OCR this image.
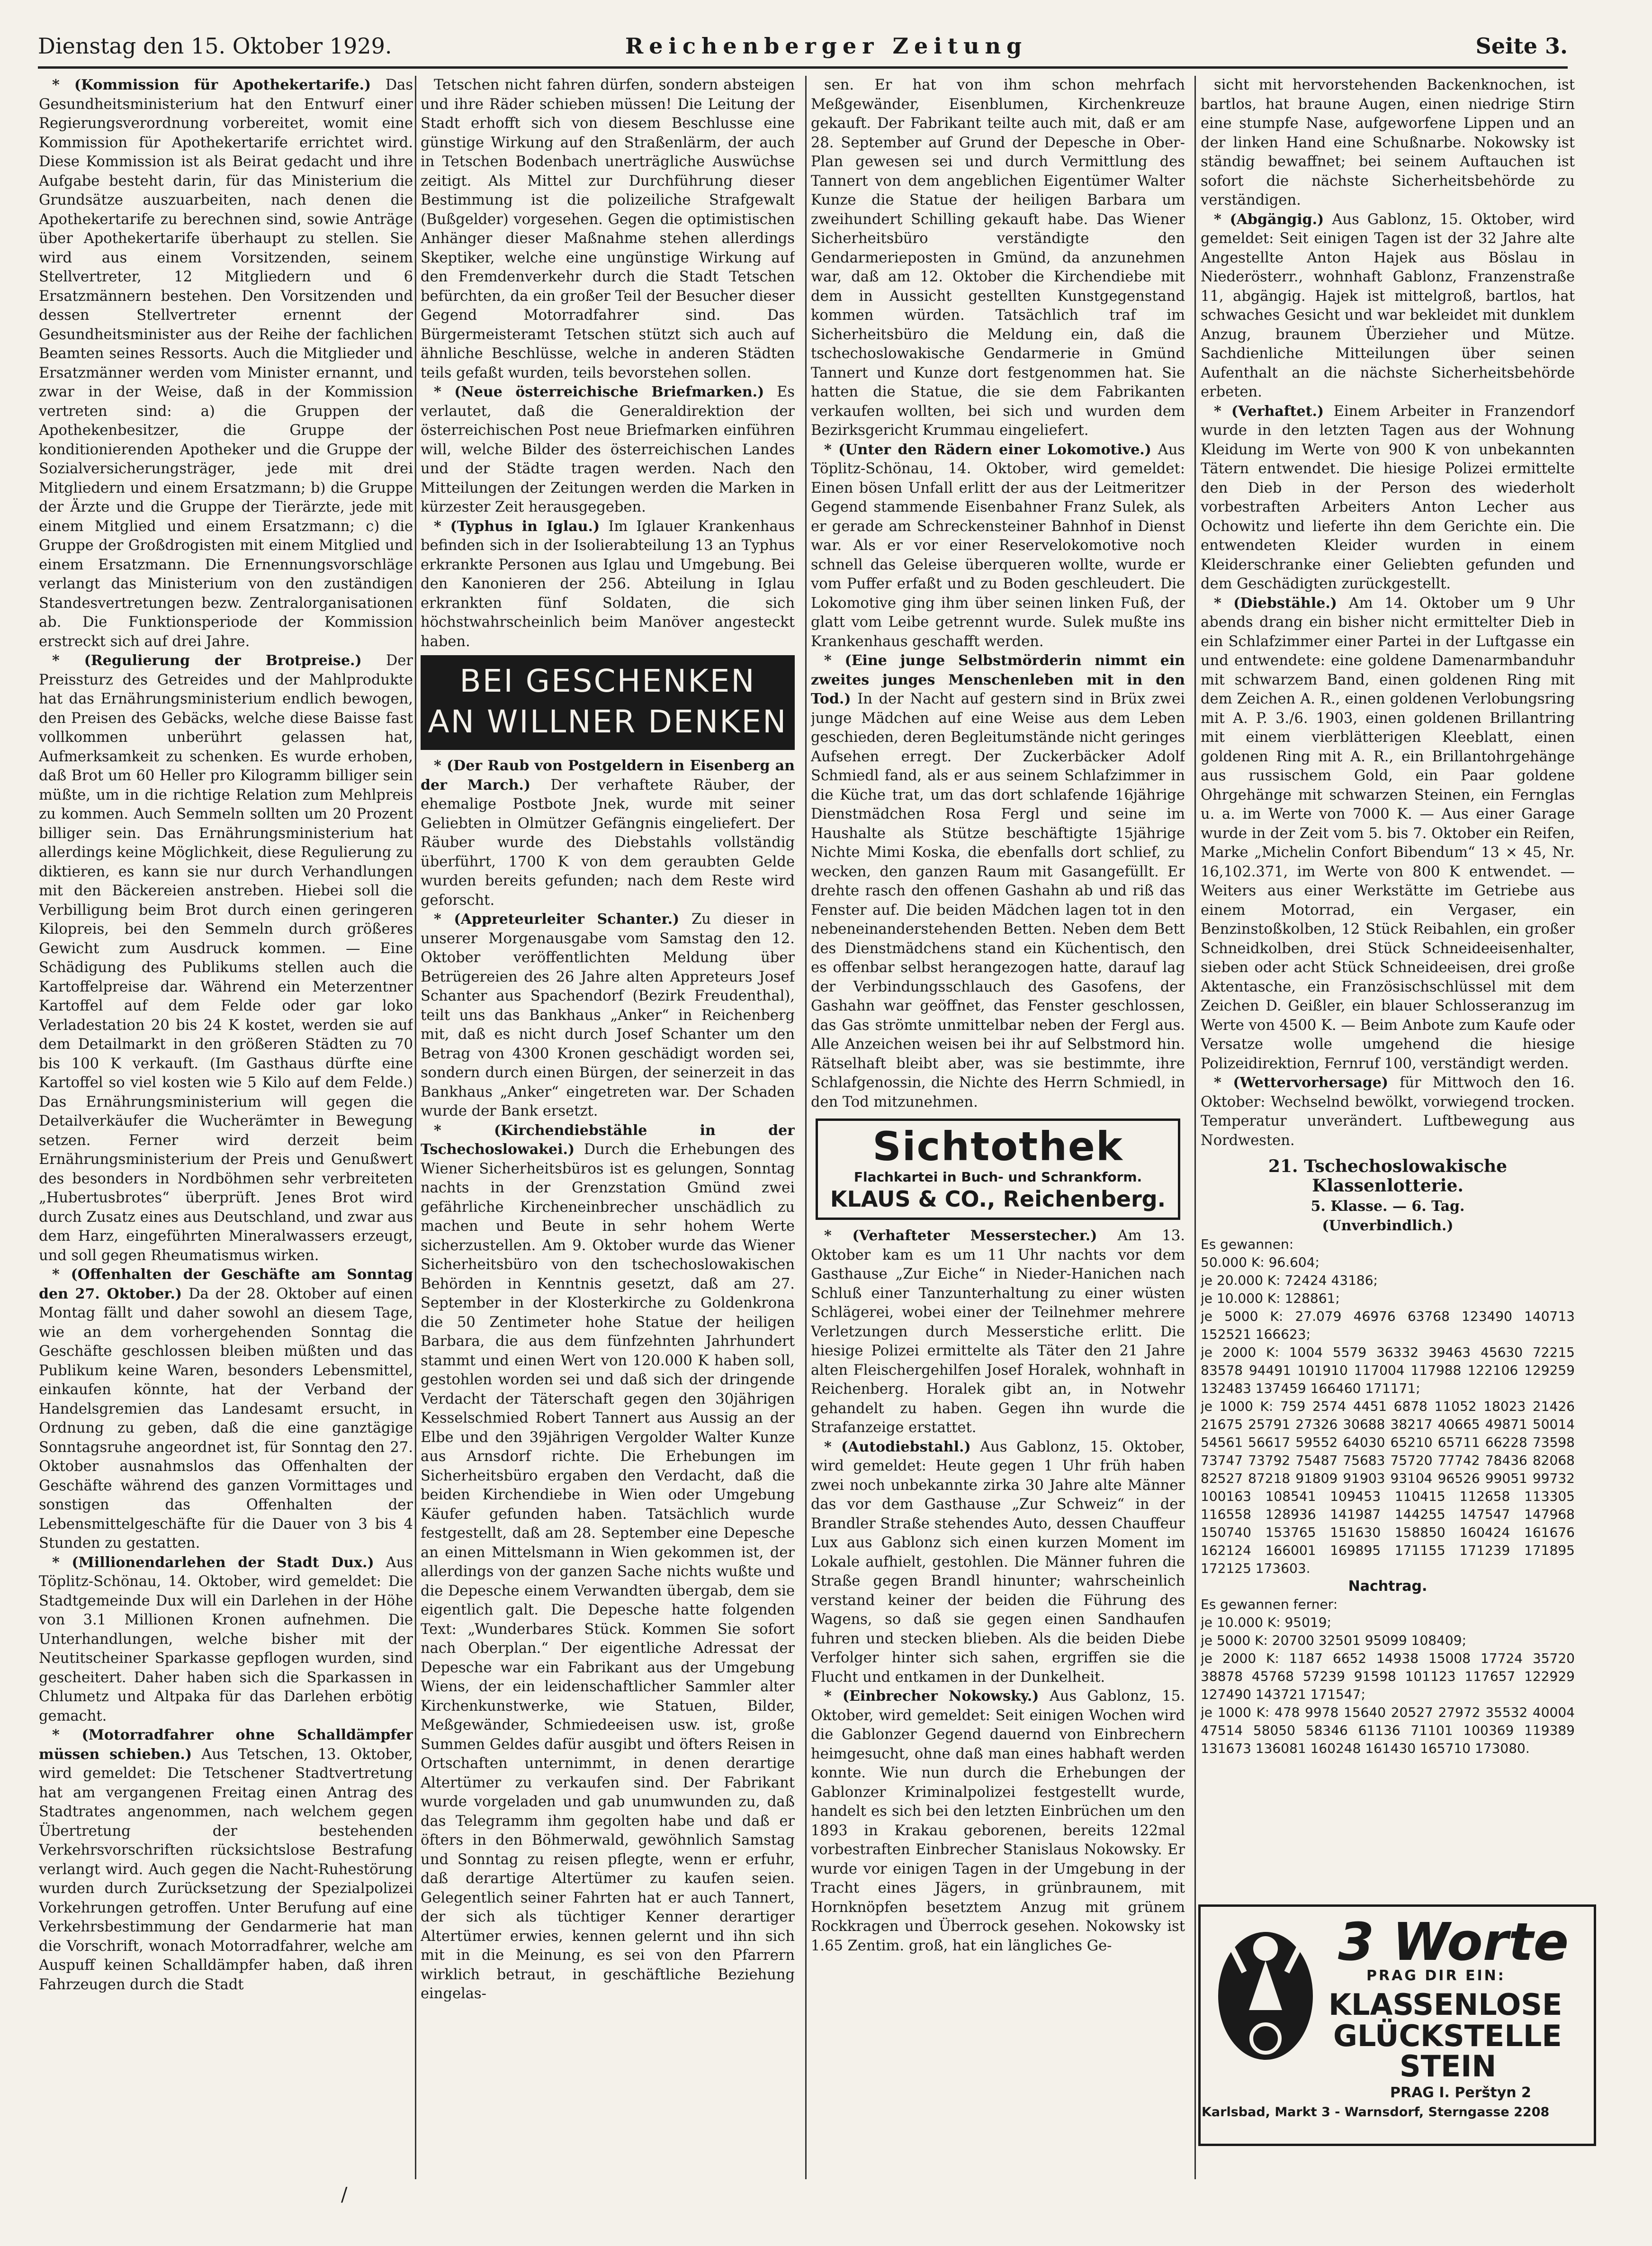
Dienstag den 15. Oktober 1929.	Reichenberger Zeitung	Seite 3.

* (Kommission für Apothekertarife.) Das Gesundheitsministerium hat den Entwurf einer Regierungsverordnung vorbereitet, womit eine Kommission für Apothekertarife errichtet wird. Diese Kommission ist als Beirat gedacht und ihre Aufgabe besteht darin, für das Ministerium die Grundsätze auszuarbeiten, nach denen die Apothekertarife zu berechnen sind, sowie Anträge über Apothekertarife überhaupt zu stellen. Sie wird aus einem Vorsitzenden, seinem Stellvertreter, 12 Mitgliedern und 6 Ersatzmännern bestehen. Den Vorsitzenden und dessen Stellvertreter ernennt der Gesundheitsminister aus der Reihe der fachlichen Beamten seines Ressorts. Auch die Mitglieder und Ersatzmänner werden vom Minister ernannt, und zwar in der Weise, daß in der Kommission vertreten sind: a) die Gruppen der Apothekenbesitzer, die Gruppe der konditionierenden Apotheker und die Gruppe der Sozialversicherungsträger, jede mit drei Mitgliedern und einem Ersatzmann; b) die Gruppe der Ärzte und die Gruppe der Tierärzte, jede mit einem Mitglied und einem Ersatzmann; c) die Gruppe der Großdrogisten mit einem Mitglied und einem Ersatzmann. Die Ernennungsvorschläge verlangt das Ministerium von den zuständigen Standesvertretungen bezw. Zentralorganisationen ab. Die Funktionsperiode der Kommission erstreckt sich auf drei Jahre.

* (Regulierung der Brotpreise.) Der Preissturz des Getreides und der Mahlprodukte hat das Ernährungsministerium endlich bewogen, den Preisen des Gebäcks, welche diese Baisse fast vollkommen unberührt gelassen hat, Aufmerksamkeit zu schenken. Es wurde erhoben, daß Brot um 60 Heller pro Kilogramm billiger sein müßte, um in die richtige Relation zum Mehlpreis zu kommen. Auch Semmeln sollten um 20 Prozent billiger sein. Das Ernährungsministerium hat allerdings keine Möglichkeit, diese Regulierung zu diktieren, es kann sie nur durch Verhandlungen mit den Bäckereien anstreben. Hiebei soll die Verbilligung beim Brot durch einen geringeren Kilopreis, bei den Semmeln durch größeres Gewicht zum Ausdruck kommen. — Eine Schädigung des Publikums stellen auch die Kartoffelpreise dar. Während ein Meterzentner Kartoffel auf dem Felde oder gar loko Verladestation 20 bis 24 K kostet, werden sie auf dem Detailmarkt in den größeren Städten zu 70 bis 100 K verkauft. (Im Gasthaus dürfte eine Kartoffel so viel kosten wie 5 Kilo auf dem Felde.) Das Ernährungsministerium will gegen die Detailverkäufer die Wucherämter in Bewegung setzen. Ferner wird derzeit beim Ernährungsministerium der Preis und Genußwert des besonders in Nordböhmen sehr verbreiteten „Hubertusbrotes“ überprüft. Jenes Brot wird durch Zusatz eines aus Deutschland, und zwar aus dem Harz, eingeführten Mineralwassers erzeugt, und soll gegen Rheumatismus wirken.

* (Offenhalten der Geschäfte am Sonntag den 27. Oktober.) Da der 28. Oktober auf einen Montag fällt und daher sowohl an diesem Tage, wie an dem vorhergehenden Sonntag die Geschäfte geschlossen bleiben müßten und das Publikum keine Waren, besonders Lebensmittel, einkaufen könnte, hat der Verband der Handelsgremien das Landesamt ersucht, in Ordnung zu geben, daß die eine ganztägige Sonntagsruhe angeordnet ist, für Sonntag den 27. Oktober ausnahmslos das Offenhalten der Geschäfte während des ganzen Vormittages und sonstigen das Offenhalten der Lebensmittelgeschäfte für die Dauer von 3 bis 4 Stunden zu gestatten.

* (Millionendarlehen der Stadt Dux.) Aus Töplitz-Schönau, 14. Oktober, wird gemeldet: Die Stadtgemeinde Dux will ein Darlehen in der Höhe von 3.1 Millionen Kronen aufnehmen. Die Unterhandlungen, welche bisher mit der Neutitscheiner Sparkasse gepflogen wurden, sind gescheitert. Daher haben sich die Sparkassen in Chlumetz und Altpaka für das Darlehen erbötig gemacht.

* (Motorradfahrer ohne Schalldämpfer müssen schieben.) Aus Tetschen, 13. Oktober, wird gemeldet: Die Tetschener Stadtvertretung hat am vergangenen Freitag einen Antrag des Stadtrates angenommen, nach welchem gegen Übertretung der bestehenden Verkehrsvorschriften rücksichtslose Bestrafung verlangt wird. Auch gegen die Nacht-Ruhestörung wurden durch Zurücksetzung der Spezialpolizei Vorkehrungen getroffen. Unter Berufung auf eine Verkehrsbestimmung der Gendarmerie hat man die Vorschrift, wonach Motorradfahrer, welche am Auspuff keinen Schalldämpfer haben, daß ihren Fahrzeugen durch die Stadt

Tetschen nicht fahren dürfen, sondern absteigen und ihre Räder schieben müssen! Die Leitung der Stadt erhofft sich von diesem Beschlusse eine günstige Wirkung auf den Straßenlärm, der auch in Tetschen Bodenbach unerträgliche Auswüchse zeitigt. Als Mittel zur Durchführung dieser Bestimmung ist die polizeiliche Strafgewalt (Bußgelder) vorgesehen. Gegen die optimistischen Anhänger dieser Maßnahme stehen allerdings Skeptiker, welche eine ungünstige Wirkung auf den Fremdenverkehr durch die Stadt Tetschen befürchten, da ein großer Teil der Besucher dieser Gegend Motorradfahrer sind. Das Bürgermeisteramt Tetschen stützt sich auch auf ähnliche Beschlüsse, welche in anderen Städten teils gefaßt wurden, teils bevorstehen sollen.

* (Neue österreichische Briefmarken.) Es verlautet, daß die Generaldirektion der österreichischen Post neue Briefmarken einführen will, welche Bilder des österreichischen Landes und der Städte tragen werden. Nach den Mitteilungen der Zeitungen werden die Marken in kürzester Zeit herausgegeben.

* (Typhus in Iglau.) Im Iglauer Krankenhaus befinden sich in der Isolierabteilung 13 an Typhus erkrankte Personen aus Iglau und Umgebung. Bei den Kanonieren der 256. Abteilung in Iglau erkrankten fünf Soldaten, die sich höchstwahrscheinlich beim Manöver angesteckt haben.

BEI GESCHENKEN
AN WILLNER DENKEN

* (Der Raub von Postgeldern in Eisenberg an der March.) Der verhaftete Räuber, der ehemalige Postbote Jnek, wurde mit seiner Geliebten in Olmützer Gefängnis eingeliefert. Der Räuber wurde des Diebstahls vollständig überführt, 1700 K von dem geraubten Gelde wurden bereits gefunden; nach dem Reste wird geforscht.

* (Appreteurleiter Schanter.) Zu dieser in unserer Morgenausgabe vom Samstag den 12. Oktober veröffentlichten Meldung über Betrügereien des 26 Jahre alten Appreteurs Josef Schanter aus Spachendorf (Bezirk Freudenthal), teilt uns das Bankhaus „Anker“ in Reichenberg mit, daß es nicht durch Josef Schanter um den Betrag von 4300 Kronen geschädigt worden sei, sondern durch einen Bürgen, der seinerzeit in das Bankhaus „Anker“ eingetreten war. Der Schaden wurde der Bank ersetzt.

* (Kirchendiebstähle in der Tschechoslowakei.) Durch die Erhebungen des Wiener Sicherheitsbüros ist es gelungen, Sonntag nachts in der Grenzstation Gmünd zwei gefährliche Kircheneinbrecher unschädlich zu machen und Beute in sehr hohem Werte sicherzustellen. Am 9. Oktober wurde das Wiener Sicherheitsbüro von den tschechoslowakischen Behörden in Kenntnis gesetzt, daß am 27. September in der Klosterkirche zu Goldenkrona die 50 Zentimeter hohe Statue der heiligen Barbara, die aus dem fünfzehnten Jahrhundert stammt und einen Wert von 120.000 K haben soll, gestohlen worden sei und daß sich der dringende Verdacht der Täterschaft gegen den 30jährigen Kesselschmied Robert Tannert aus Aussig an der Elbe und den 39jährigen Vergolder Walter Kunze aus Arnsdorf richte. Die Erhebungen im Sicherheitsbüro ergaben den Verdacht, daß die beiden Kirchendiebe in Wien oder Umgebung Käufer gefunden haben. Tatsächlich wurde festgestellt, daß am 28. September eine Depesche an einen Mittelsmann in Wien gekommen ist, der allerdings von der ganzen Sache nichts wußte und die Depesche einem Verwandten übergab, dem sie eigentlich galt. Die Depesche hatte folgenden Text: „Wunderbares Stück. Kommen Sie sofort nach Oberplan.“ Der eigentliche Adressat der Depesche war ein Fabrikant aus der Umgebung Wiens, der ein leidenschaftlicher Sammler alter Kirchenkunstwerke, wie Statuen, Bilder, Meßgewänder, Schmiedeeisen usw. ist, große Summen Geldes dafür ausgibt und öfters Reisen in Ortschaften unternimmt, in denen derartige Altertümer zu verkaufen sind. Der Fabrikant wurde vorgeladen und gab unumwunden zu, daß das Telegramm ihm gegolten habe und daß er öfters in den Böhmerwald, gewöhnlich Samstag und Sonntag zu reisen pflegte, wenn er erfuhr, daß derartige Altertümer zu kaufen seien. Gelegentlich seiner Fahrten hat er auch Tannert, der sich als tüchtiger Kenner derartiger Altertümer erwies, kennen gelernt und ihn sich mit in die Meinung, es sei von den Pfarrern wirklich betraut, in geschäftliche Beziehung eingelas-

sen. Er hat von ihm schon mehrfach Meßgewänder, Eisenblumen, Kirchenkreuze gekauft. Der Fabrikant teilte auch mit, daß er am 28. September auf Grund der Depesche in Ober-Plan gewesen sei und durch Vermittlung des Tannert von dem angeblichen Eigentümer Walter Kunze die Statue der heiligen Barbara um zweihundert Schilling gekauft habe. Das Wiener Sicherheitsbüro verständigte den Gendarmerieposten in Gmünd, da anzunehmen war, daß am 12. Oktober die Kirchendiebe mit dem in Aussicht gestellten Kunstgegenstand kommen würden. Tatsächlich traf im Sicherheitsbüro die Meldung ein, daß die tschechoslowakische Gendarmerie in Gmünd Tannert und Kunze dort festgenommen hat. Sie hatten die Statue, die sie dem Fabrikanten verkaufen wollten, bei sich und wurden dem Bezirksgericht Krummau eingeliefert.

* (Unter den Rädern einer Lokomotive.) Aus Töplitz-Schönau, 14. Oktober, wird gemeldet: Einen bösen Unfall erlitt der aus der Leitmeritzer Gegend stammende Eisenbahner Franz Sulek, als er gerade am Schreckensteiner Bahnhof in Dienst war. Als er vor einer Reservelokomotive noch schnell das Geleise überqueren wollte, wurde er vom Puffer erfaßt und zu Boden geschleudert. Die Lokomotive ging ihm über seinen linken Fuß, der glatt vom Leibe getrennt wurde. Sulek mußte ins Krankenhaus geschafft werden.

* (Eine junge Selbstmörderin nimmt ein zweites junges Menschenleben mit in den Tod.) In der Nacht auf gestern sind in Brüx zwei junge Mädchen auf eine Weise aus dem Leben geschieden, deren Begleitumstände nicht geringes Aufsehen erregt. Der Zuckerbäcker Adolf Schmiedl fand, als er aus seinem Schlafzimmer in die Küche trat, um das dort schlafende 16jährige Dienstmädchen Rosa Fergl und seine im Haushalte als Stütze beschäftigte 15jährige Nichte Mimi Koska, die ebenfalls dort schlief, zu wecken, den ganzen Raum mit Gasangefüllt. Er drehte rasch den offenen Gashahn ab und riß das Fenster auf. Die beiden Mädchen lagen tot in den nebeneinanderstehenden Betten. Neben dem Bett des Dienstmädchens stand ein Küchentisch, den es offenbar selbst herangezogen hatte, darauf lag der Verbindungsschlauch des Gasofens, der Gashahn war geöffnet, das Fenster geschlossen, das Gas strömte unmittelbar neben der Fergl aus. Alle Anzeichen weisen bei ihr auf Selbstmord hin. Rätselhaft bleibt aber, was sie bestimmte, ihre Schlafgenossin, die Nichte des Herrn Schmiedl, in den Tod mitzunehmen.

Sichtothek
Flachkartei in Buch- und Schrankform.
KLAUS & CO., Reichenberg.

* (Verhafteter Messerstecher.) Am 13. Oktober kam es um 11 Uhr nachts vor dem Gasthause „Zur Eiche“ in Nieder-Hanichen nach Schluß einer Tanzunterhaltung zu einer wüsten Schlägerei, wobei einer der Teilnehmer mehrere Verletzungen durch Messerstiche erlitt. Die hiesige Polizei ermittelte als Täter den 21 Jahre alten Fleischergehilfen Josef Horalek, wohnhaft in Reichenberg. Horalek gibt an, in Notwehr gehandelt zu haben. Gegen ihn wurde die Strafanzeige erstattet.

* (Autodiebstahl.) Aus Gablonz, 15. Oktober, wird gemeldet: Heute gegen 1 Uhr früh haben zwei noch unbekannte zirka 30 Jahre alte Männer das vor dem Gasthause „Zur Schweiz“ in der Brandler Straße stehendes Auto, dessen Chauffeur Lux aus Gablonz sich einen kurzen Moment im Lokale aufhielt, gestohlen. Die Männer fuhren die Straße gegen Brandl hinunter; wahrscheinlich verstand keiner der beiden die Führung des Wagens, so daß sie gegen einen Sandhaufen fuhren und stecken blieben. Als die beiden Diebe Verfolger hinter sich sahen, ergriffen sie die Flucht und entkamen in der Dunkelheit.

* (Einbrecher Nokowsky.) Aus Gablonz, 15. Oktober, wird gemeldet: Seit einigen Wochen wird die Gablonzer Gegend dauernd von Einbrechern heimgesucht, ohne daß man eines habhaft werden konnte. Wie nun durch die Erhebungen der Gablonzer Kriminalpolizei festgestellt wurde, handelt es sich bei den letzten Einbrüchen um den 1893 in Krakau geborenen, bereits 122mal vorbestraften Einbrecher Stanislaus Nokowsky. Er wurde vor einigen Tagen in der Umgebung in der Tracht eines Jägers, in grünbraunem, mit Hornknöpfen besetztem Anzug mit grünem Rockkragen und Überrock gesehen. Nokowsky ist 1.65 Zentim. groß, hat ein längliches Ge-

sicht mit hervorstehenden Backenknochen, ist bartlos, hat braune Augen, einen niedrige Stirn eine stumpfe Nase, aufgeworfene Lippen und an der linken Hand eine Schußnarbe. Nokowsky ist ständig bewaffnet; bei seinem Auftauchen ist sofort die nächste Sicherheitsbehörde zu verständigen.

* (Abgängig.) Aus Gablonz, 15. Oktober, wird gemeldet: Seit einigen Tagen ist der 32 Jahre alte Angestellte Anton Hajek aus Böslau in Niederösterr., wohnhaft Gablonz, Franzenstraße 11, abgängig. Hajek ist mittelgroß, bartlos, hat schwaches Gesicht und war bekleidet mit dunklem Anzug, braunem Überzieher und Mütze. Sachdienliche Mitteilungen über seinen Aufenthalt an die nächste Sicherheitsbehörde erbeten.

* (Verhaftet.) Einem Arbeiter in Franzendorf wurde in den letzten Tagen aus der Wohnung Kleidung im Werte von 900 K von unbekannten Tätern entwendet. Die hiesige Polizei ermittelte den Dieb in der Person des wiederholt vorbestraften Arbeiters Anton Lecher aus Ochowitz und lieferte ihn dem Gerichte ein. Die entwendeten Kleider wurden in einem Kleiderschranke einer Geliebten gefunden und dem Geschädigten zurückgestellt.

* (Diebstähle.) Am 14. Oktober um 9 Uhr abends drang ein bisher nicht ermittelter Dieb in ein Schlafzimmer einer Partei in der Luftgasse ein und entwendete: eine goldene Damenarmbanduhr mit schwarzem Band, einen goldenen Ring mit dem Zeichen A. R., einen goldenen Verlobungsring mit A. P. 3./6. 1903, einen goldenen Brillantring mit einem vierblätterigen Kleeblatt, einen goldenen Ring mit A. R., ein Brillantohrgehänge aus russischem Gold, ein Paar goldene Ohrgehänge mit schwarzen Steinen, ein Fernglas u. a. im Werte von 7000 K. — Aus einer Garage wurde in der Zeit vom 5. bis 7. Oktober ein Reifen, Marke „Michelin Confort Bibendum“ 13 × 45, Nr. 16,102.371, im Werte von 800 K entwendet. — Weiters aus einer Werkstätte im Getriebe aus einem Motorrad, ein Vergaser, ein Benzinstoßkolben, 12 Stück Reibahlen, ein großer Schneidkolben, drei Stück Schneideeisenhalter, sieben oder acht Stück Schneideeisen, drei große Aktentasche, ein Französischschlüssel mit dem Zeichen D. Geißler, ein blauer Schlosseranzug im Werte von 4500 K. — Beim Anbote zum Kaufe oder Versatze wolle umgehend die hiesige Polizeidirektion, Fernruf 100, verständigt werden.

* (Wettervorhersage) für Mittwoch den 16. Oktober: Wechselnd bewölkt, vorwiegend trocken. Temperatur unverändert. Luftbewegung aus Nordwesten.

21. Tschechoslowakische Klassenlotterie.
5. Klasse. — 6. Tag.
(Unverbindlich.)
Es gewannen:
50.000 K: 96.604;
je 20.000 K: 72424 43186;
je 10.000 K: 128861;
je 5000 K: 27.079 46976 63768 123490 140713 152521 166623;
je 2000 K: 1004 5579 36332 39463 45630 72215 83578 94491 101910 117004 117988 122106 129259 132483 137459 166460 171171;
je 1000 K: 759 2574 4451 6878 11052 18023 21426 21675 25791 27326 30688 38217 40665 49871 50014 54561 56617 59552 64030 65210 65711 66228 73598 73747 73792 75487 75683 75720 77742 78436 82068 82527 87218 91809 91903 93104 96526 99051 99732 100163 108541 109453 110415 112658 113305 116558 128936 141987 144255 147547 147968 150740 153765 151630 158850 160424 161676 162124 166001 169895 171155 171239 171895 172125 173603.
Nachtrag.
Es gewannen ferner:
je 10.000 K: 95019;
je 5000 K: 20700 32501 95099 108409;
je 2000 K: 1187 6652 14938 15008 17724 35720 38878 45768 57239 91598 101123 117657 122929 127490 143721 171547;
je 1000 K: 478 9978 15640 20527 27972 35532 40004 47514 58050 58346 61136 71101 100369 119389 131673 136081 160248 161430 165710 173080.
3 Worte
PRAG DIR EIN:
KLASSENLOSE
GLÜCKSTELLE
STEIN
PRAG I. Perštyn 2
Karlsbad, Markt 3 - Warnsdorf, Sterngasse 2208
/
